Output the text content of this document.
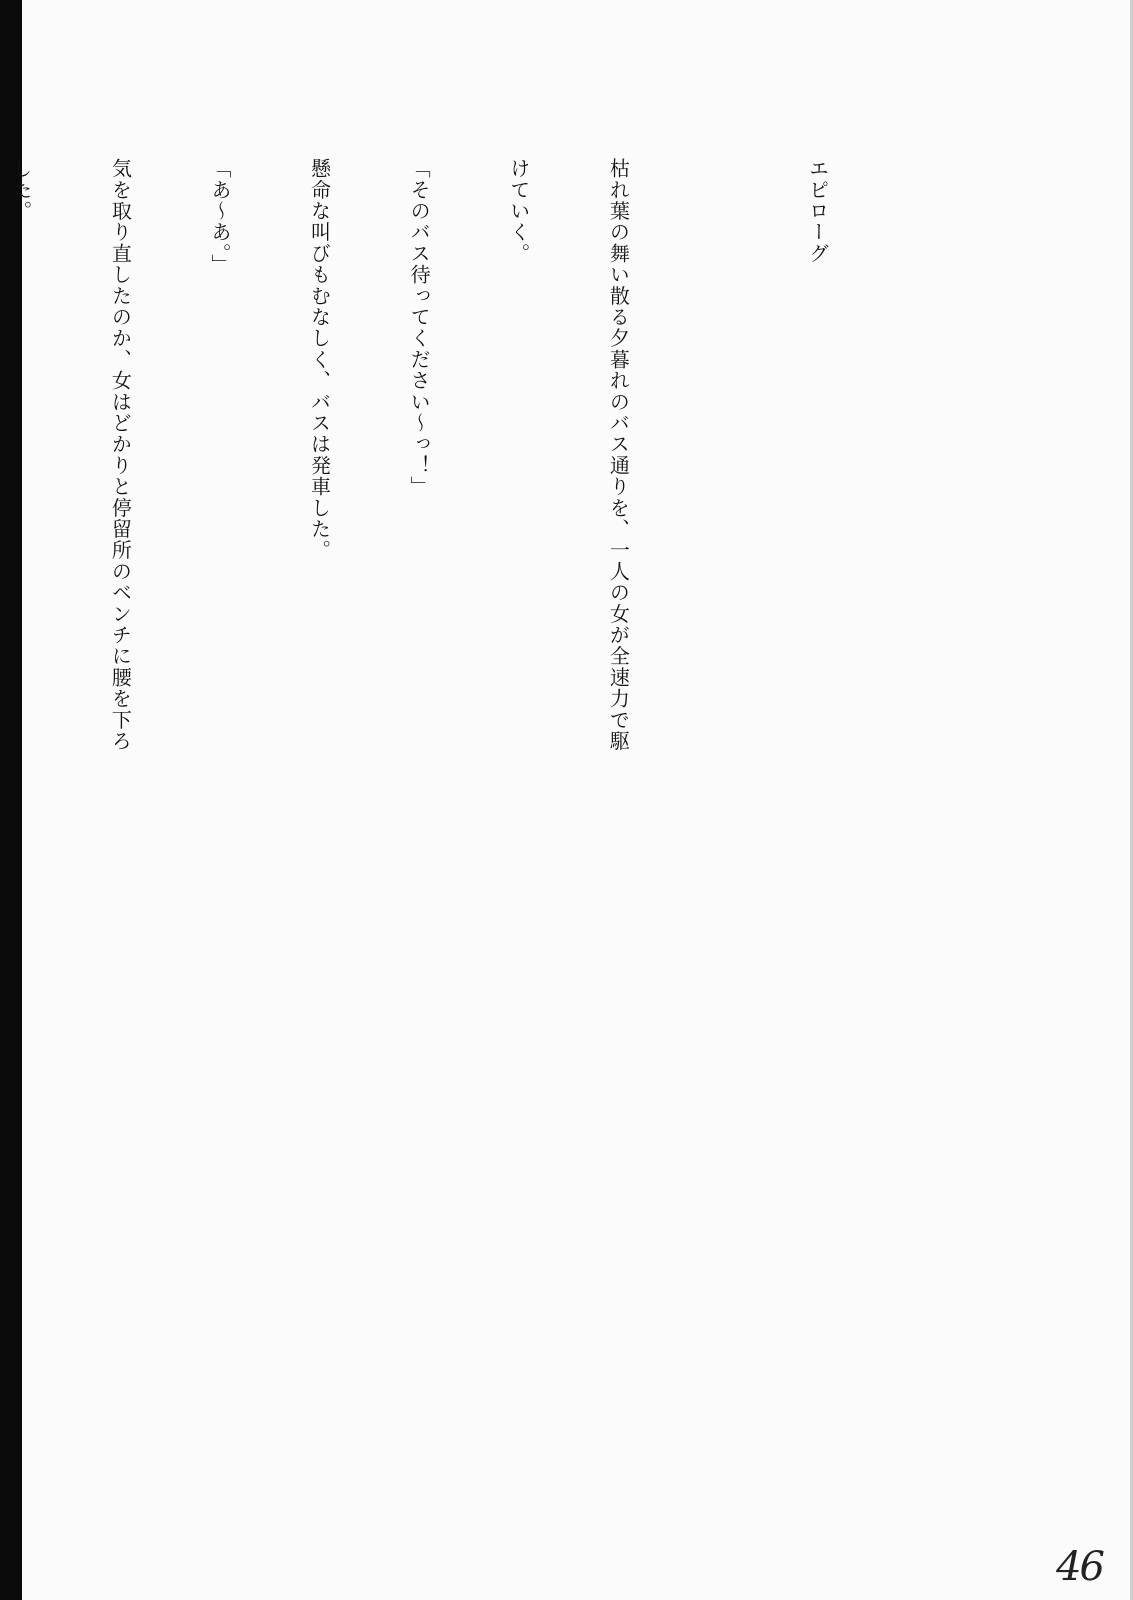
エピローグ

枯れ葉の舞い散る夕暮れのバス通りを、一人の女が全速力で駆

けていく。

「そのバス待ってください～っ！」

懸命な叫びもむなしく、バスは発車した。

「あ～あ。」

気を取り直したのか、女はどかりと停留所のベンチに腰を下ろ

した。

46
